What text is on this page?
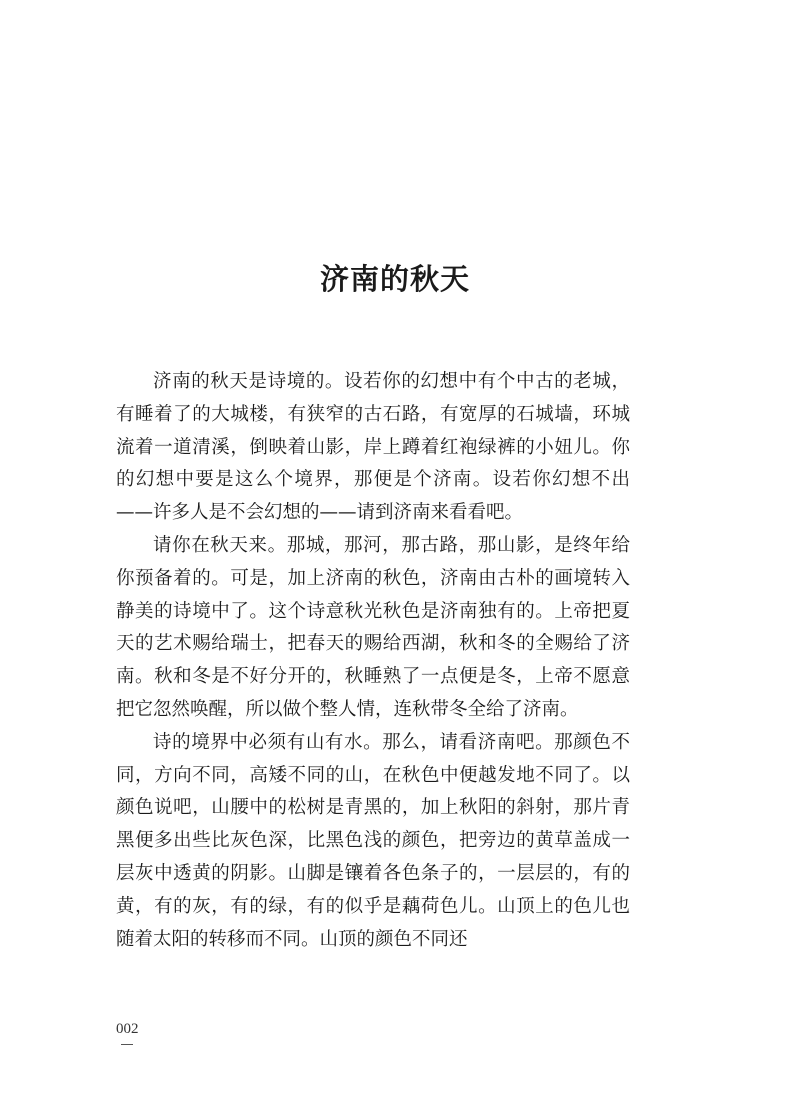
济南的秋天

济南的秋天是诗境的。设若你的幻想中有个中古的老城，有睡着了的大城楼，有狭窄的古石路，有宽厚的石城墙，环城流着一道清溪，倒映着山影，岸上蹲着红袍绿裤的小妞儿。你的幻想中要是这么个境界，那便是个济南。设若你幻想不出——许多人是不会幻想的——请到济南来看看吧。

请你在秋天来。那城，那河，那古路，那山影，是终年给你预备着的。可是，加上济南的秋色，济南由古朴的画境转入静美的诗境中了。这个诗意秋光秋色是济南独有的。上帝把夏天的艺术赐给瑞士，把春天的赐给西湖，秋和冬的全赐给了济南。秋和冬是不好分开的，秋睡熟了一点便是冬，上帝不愿意把它忽然唤醒，所以做个整人情，连秋带冬全给了济南。

诗的境界中必须有山有水。那么，请看济南吧。那颜色不同，方向不同，高矮不同的山，在秋色中便越发地不同了。以颜色说吧，山腰中的松树是青黑的，加上秋阳的斜射，那片青黑便多出些比灰色深，比黑色浅的颜色，把旁边的黄草盖成一层灰中透黄的阴影。山脚是镶着各色条子的，一层层的，有的黄，有的灰，有的绿，有的似乎是藕荷色儿。山顶上的色儿也随着太阳的转移而不同。山顶的颜色不同还

002
